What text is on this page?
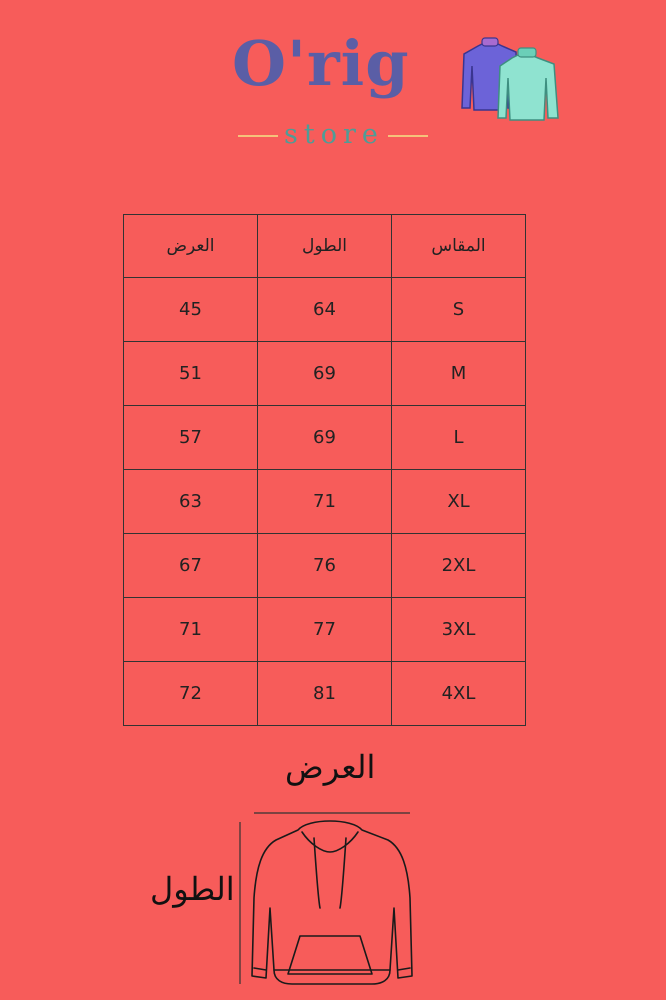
O'rig
store
العرض	الطول	المقاس
45	64	S
51	69	M
57	69	L
63	71	XL
67	76	2XL
71	77	3XL
72	81	4XL
العرض
الطول
